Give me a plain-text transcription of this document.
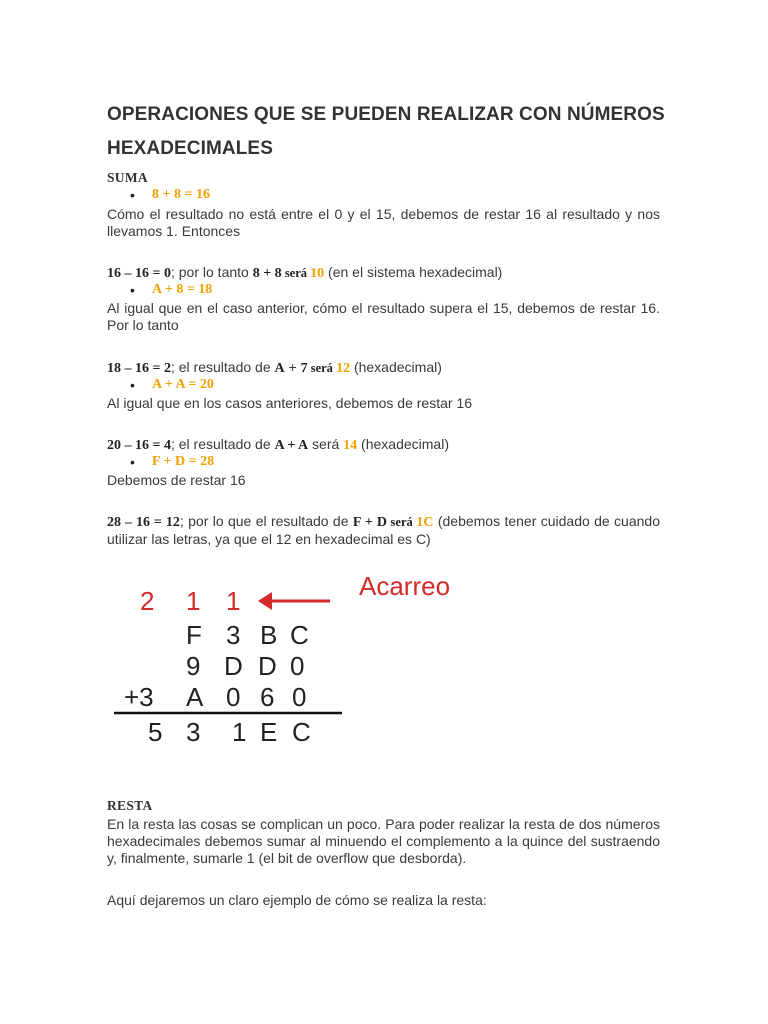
OPERACIONES QUE SE PUEDEN REALIZAR CON NÚMEROS
HEXADECIMALES
SUMA
• 8 + 8 = 16
Cómo el resultado no está entre el 0 y el 15, debemos de restar 16 al resultado y nos llevamos 1. Entonces
16 – 16 = 0; por lo tanto 8 + 8 será 10 (en el sistema hexadecimal)
• A + 8 = 18
Al igual que en el caso anterior, cómo el resultado supera el 15, debemos de restar 16. Por lo tanto
18 – 16 = 2; el resultado de A + 7 será 12 (hexadecimal)
• A + A = 20
Al igual que en los casos anteriores, debemos de restar 16
20 – 16 = 4; el resultado de A + A será 14 (hexadecimal)
• F + D = 28
Debemos de restar 16
28 – 16 = 12; por lo que el resultado de F + D será 1C (debemos tener cuidado de cuando utilizar las letras, ya que el 12 en hexadecimal es C)
2 1 1	Acarreo
F 3 B C
9 D D 0
+3 A 0 6 0
5 3 1 E C
RESTA
En la resta las cosas se complican un poco. Para poder realizar la resta de dos números hexadecimales debemos sumar al minuendo el complemento a la quince del sustraendo y, finalmente, sumarle 1 (el bit de overflow que desborda).
Aquí dejaremos un claro ejemplo de cómo se realiza la resta:
